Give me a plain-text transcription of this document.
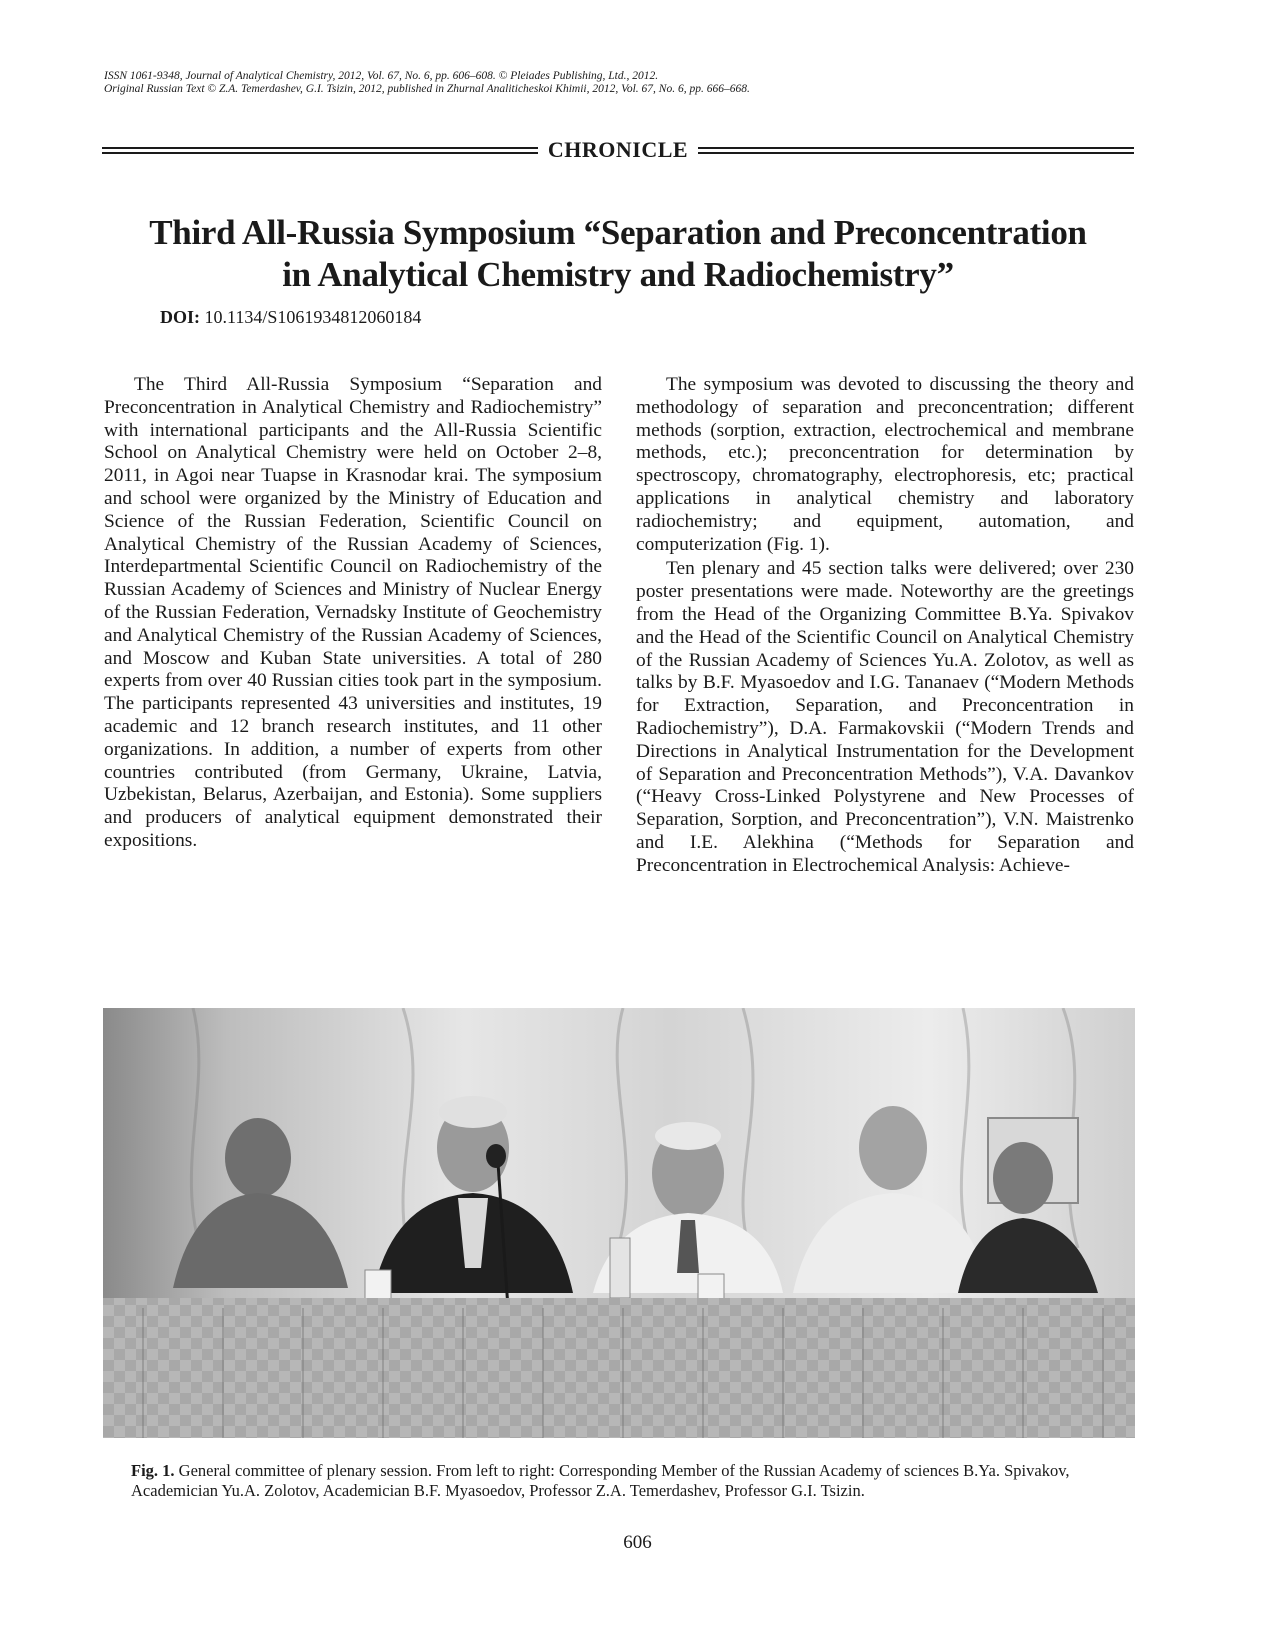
ISSN 1061-9348, Journal of Analytical Chemistry, 2012, Vol. 67, No. 6, pp. 606–608. © Pleiades Publishing, Ltd., 2012.
Original Russian Text © Z.A. Temerdashev, G.I. Tsizin, 2012, published in Zhurnal Analiticheskoi Khimii, 2012, Vol. 67, No. 6, pp. 666–668.
CHRONICLE
Third All-Russia Symposium “Separation and Preconcentration
in Analytical Chemistry and Radiochemistry”
DOI: 10.1134/S1061934812060184

The Third All-Russia Symposium “Separation and Preconcentration in Analytical Chemistry and Radiochemistry” with international participants and the All-Russia Scientific School on Analytical Chemistry were held on October 2–8, 2011, in Agoi near Tuapse in Krasnodar krai. The symposium and school were organized by the Ministry of Education and Science of the Russian Federation, Scientific Council on Analytical Chemistry of the Russian Academy of Sciences, Interdepartmental Scientific Council on Radiochemistry of the Russian Academy of Sciences and Ministry of Nuclear Energy of the Russian Federation, Vernadsky Institute of Geochemistry and Analytical Chemistry of the Russian Academy of Sciences, and Moscow and Kuban State universities. A total of 280 experts from over 40 Russian cities took part in the symposium. The participants represented 43 universities and institutes, 19 academic and 12 branch research institutes, and 11 other organizations. In addition, a number of experts from other countries contributed (from Germany, Ukraine, Latvia, Uzbekistan, Belarus, Azerbaijan, and Estonia). Some suppliers and producers of analytical equipment demonstrated their expositions.

The symposium was devoted to discussing the theory and methodology of separation and preconcentration; different methods (sorption, extraction, electrochemical and membrane methods, etc.); preconcentration for determination by spectroscopy, chromatography, electrophoresis, etc; practical applications in analytical chemistry and laboratory radiochemistry; and equipment, automation, and computerization (Fig. 1).

Ten plenary and 45 section talks were delivered; over 230 poster presentations were made. Noteworthy are the greetings from the Head of the Organizing Committee B.Ya. Spivakov and the Head of the Scientific Council on Analytical Chemistry of the Russian Academy of Sciences Yu.A. Zolotov, as well as talks by B.F. Myasoedov and I.G. Tananaev (“Modern Methods for Extraction, Separation, and Preconcentration in Radiochemistry”), D.A. Farmakovskii (“Modern Trends and Directions in Analytical Instrumentation for the Development of Separation and Preconcentration Methods”), V.A. Davankov (“Heavy Cross-Linked Polystyrene and New Processes of Separation, Sorption, and Preconcentration”), V.N. Maistrenko and I.E. Alekhina (“Methods for Separation and Preconcentration in Electrochemical Analysis: Achieve-

Fig. 1. General committee of plenary session. From left to right: Corresponding Member of the Russian Academy of sciences B.Ya. Spivakov, Academician Yu.A. Zolotov, Academician B.F. Myasoedov, Professor Z.A. Temerdashev, Professor G.I. Tsizin.
606
